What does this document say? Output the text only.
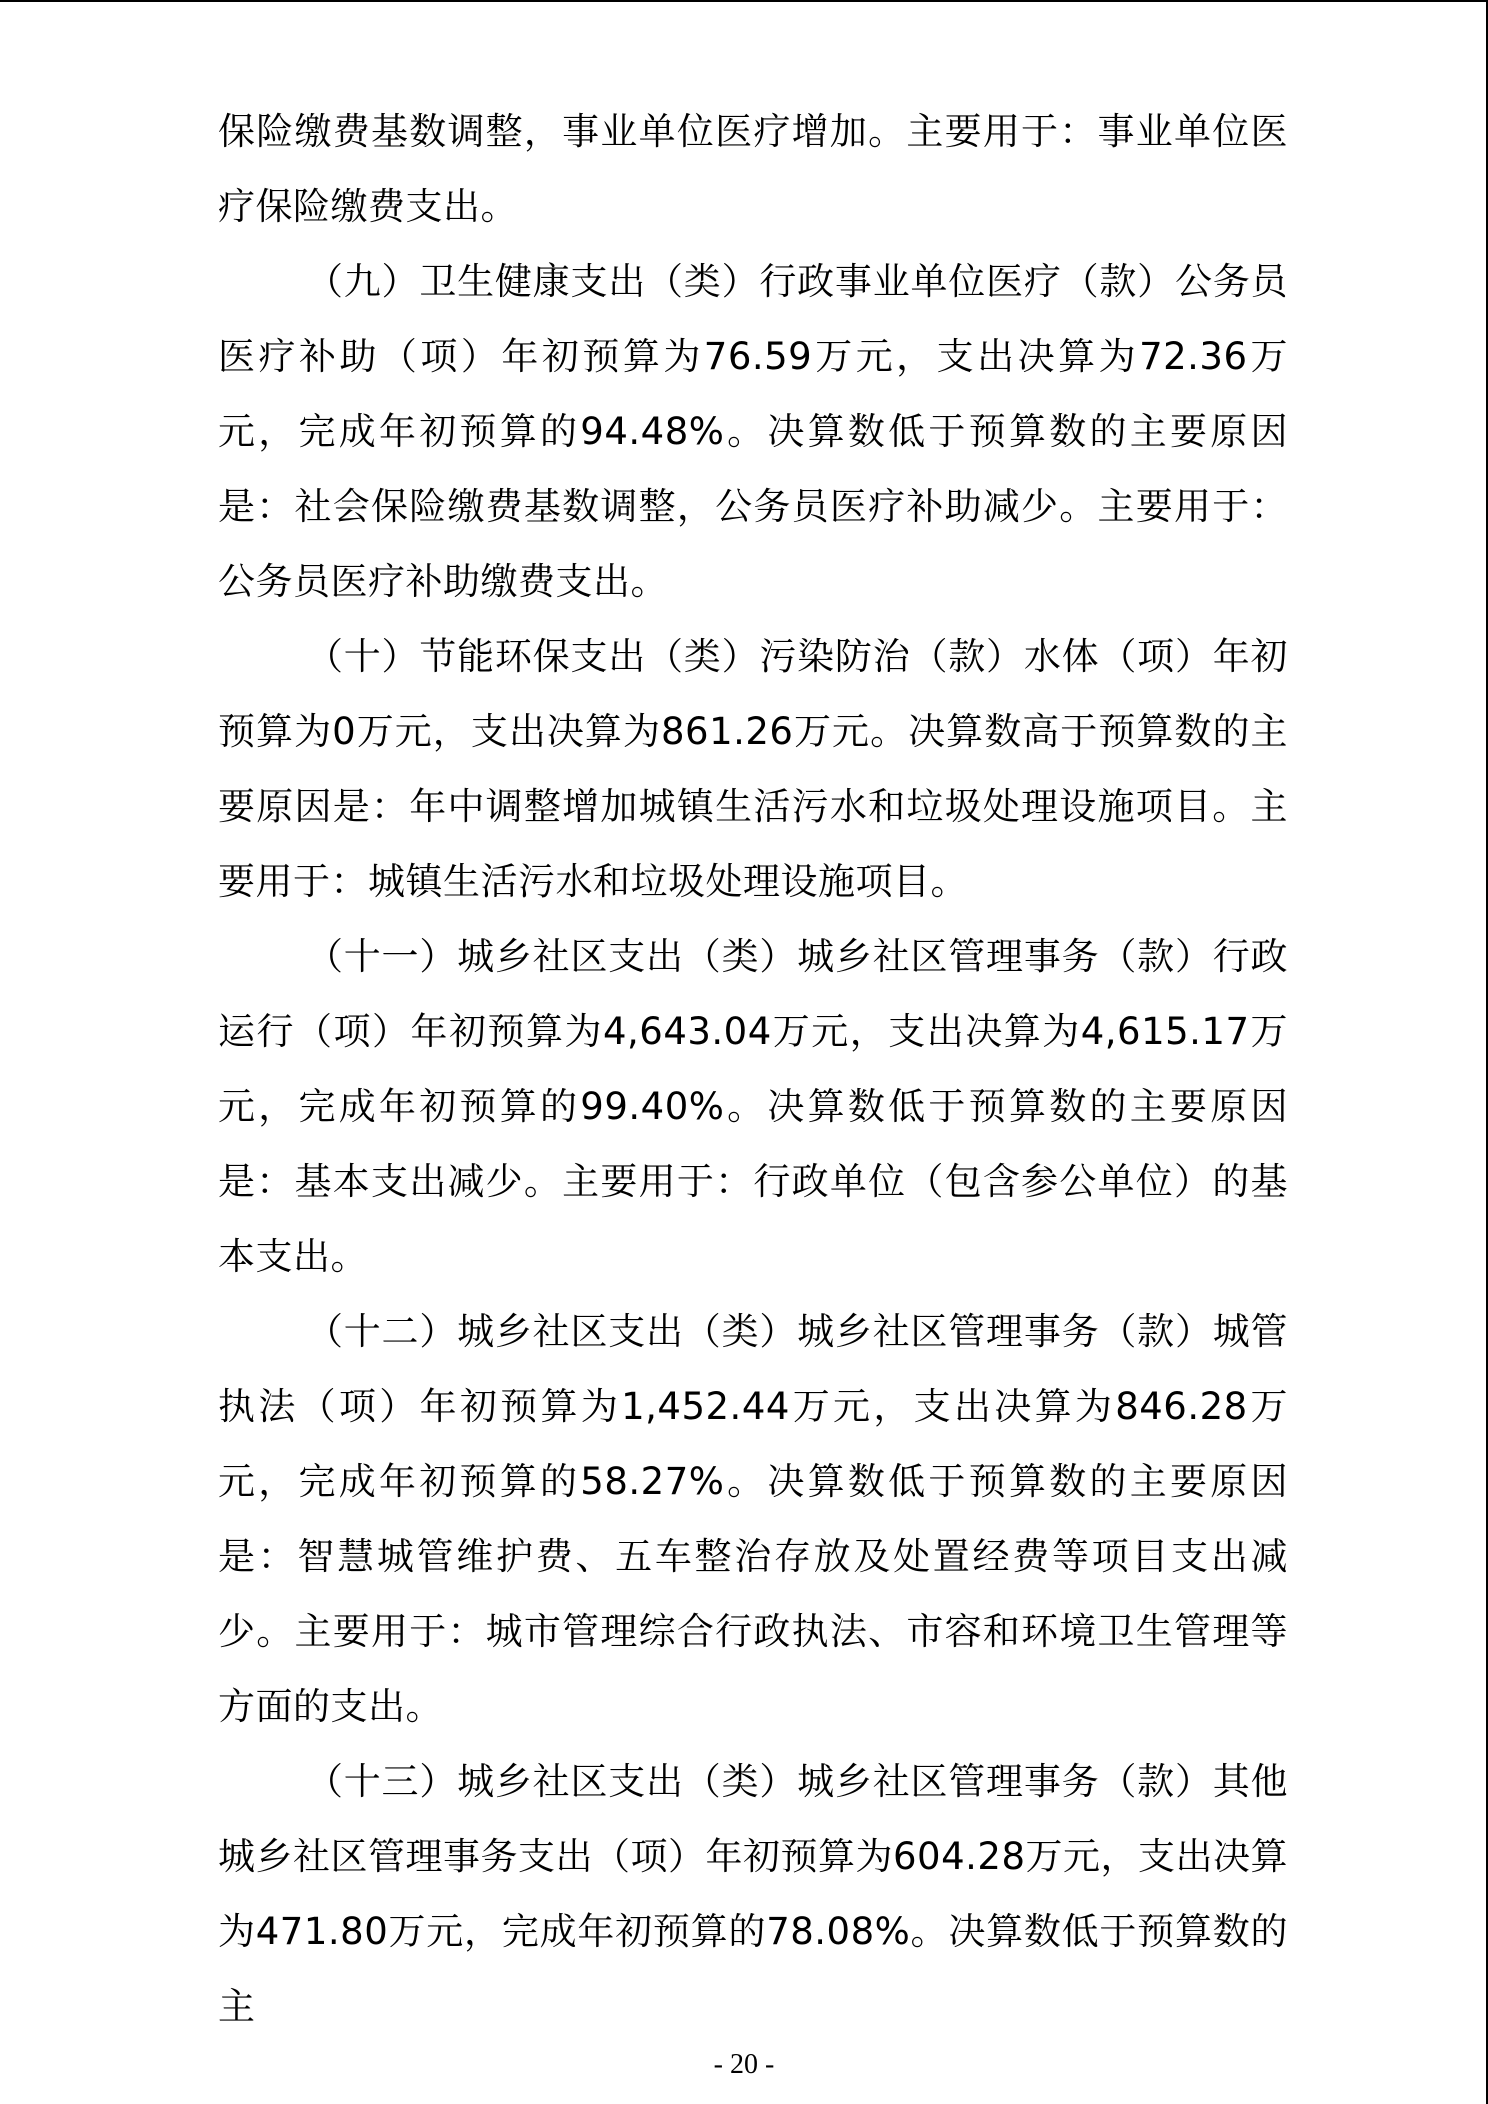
保险缴费基数调整，事业单位医疗增加。主要用于：事业单位医疗保险缴费支出。

（九）卫生健康支出（类）行政事业单位医疗（款）公务员医疗补助（项）年初预算为76.59万元，支出决算为72.36万元，完成年初预算的94.48%。决算数低于预算数的主要原因是：社会保险缴费基数调整，公务员医疗补助减少。主要用于：公务员医疗补助缴费支出。

（十）节能环保支出（类）污染防治（款）水体（项）年初预算为0万元，支出决算为861.26万元。决算数高于预算数的主要原因是：年中调整增加城镇生活污水和垃圾处理设施项目。主要用于：城镇生活污水和垃圾处理设施项目。

（十一）城乡社区支出（类）城乡社区管理事务（款）行政运行（项）年初预算为4,643.04万元，支出决算为4,615.17万元，完成年初预算的99.40%。决算数低于预算数的主要原因是：基本支出减少。主要用于：行政单位（包含参公单位）的基本支出。

（十二）城乡社区支出（类）城乡社区管理事务（款）城管执法（项）年初预算为1,452.44万元，支出决算为846.28万元，完成年初预算的58.27%。决算数低于预算数的主要原因是：智慧城管维护费、五车整治存放及处置经费等项目支出减少。主要用于：城市管理综合行政执法、市容和环境卫生管理等方面的支出。

（十三）城乡社区支出（类）城乡社区管理事务（款）其他城乡社区管理事务支出（项）年初预算为604.28万元，支出决算为471.80万元，完成年初预算的78.08%。决算数低于预算数的主

- 20 -
